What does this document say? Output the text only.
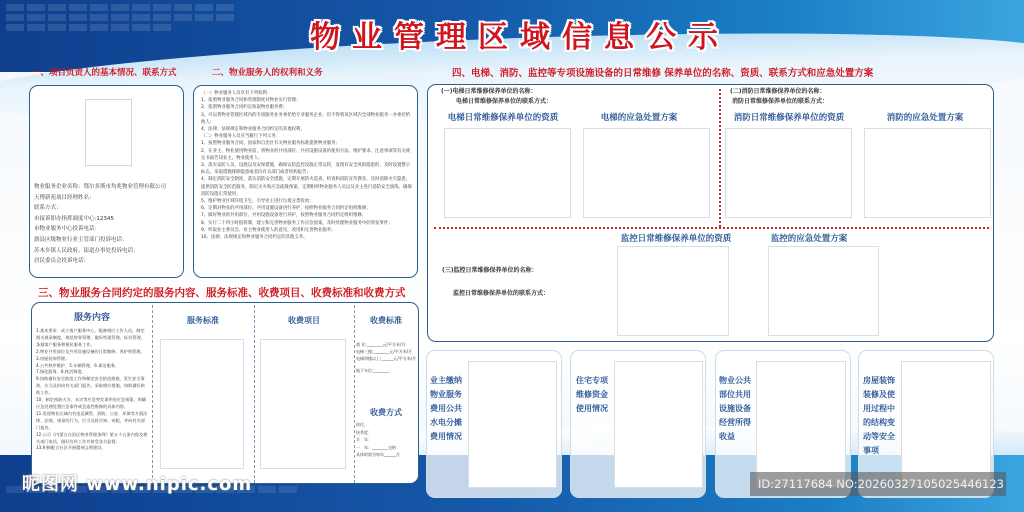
物业管理区域信息公示
一、项目负责人的基本情况、联系方式	二、物业服务人的权利和义务	四、电梯、消防、监控等专项设施设备的日常维修 保养单位的名称、资质、联系方式和应急处置方案
三、物业服务合同约定的服务内容、服务标准、收费项目、收费标准和收费方式
物业服务企业名称：鄂尔多斯市均兆物业管理有限公司
天博新苑项目经理姓名：
联系方式：
市接诉即办指挥调度中心:12345
市物业服务中心投诉电话：
旗县区级物业行业主管部门投诉电话：
苏木乡镇人民政府、街道办事处投诉电话：
居民委员会投诉电话：
（一）物业服务人员享有下列权利：
1、依照物业服务合同和管理制度对物业实行管理；
2、依照物业服务合同约定收取物业服务费；
3、可以将物业管理区域内的专项服务业务委托给专业服务企业，但不得将该区域内全部物业服务一并委托给他人；
4、法律、法规规定和物业服务合同约定的其他权利。
（二）物业服务人员应当履行下列义务：
1、按照物业服务合同、国家和自治区有关物业服务标准提供物业服务；
2、在业主、物业使用物业前，将物业的共用部位、共用设施设备的使用方法、维护要求、注意事项等有关规定书面告知业主、物业使用人；
3、落实安防人员、设施以及安保措施，确保安防监控设施正常运转，发现有安全风险隐患的，及时设置警示标志，采取措施排除隐患或者向有关部门或者机构报告；
4、制定消防安全制度，落实消防安全措施，定期开展防火巡查，检查和消防宣传教育，及时消除火灾隐患，提供消防安全防范服务，制定灭火和应急疏散预案，定期组织物业服务人员以及业主进行消防安全演练，确保消防设施正常使用；
5、维护物业区域环境卫生，引导业主进行垃圾分类投放；
6、定期对物业的共用部位、共用设施设备进行养护，按照物业服务合同约定组织维修；
7、做好物业的共用部位、共用设施设备进行养护，按照物业服务合同约定组织维修；
8、实行二十四小时值班制，建立和完善物业服务工作应急预案，及时处理物业服务中的突发事件；
9、听取业主委员会、业主物业使用人的意见，改进和完善物业服务；
10、法律、法规规定和物业服务合同约定的其他义务。
服务内容	服务标准	收费项目	收费标准
1.基本要求：成立客户服务中心，配备相应工作人员，制定相关规章制度，规范财务管理，做好档案管理，标识管理，条据客户服务和便民服务工作。
2.物业共用部位及共用设施设备的日常维修、养护和管理。
3.房屋装饰管理。
4.公共秩序维护、5.车辆管理、6.保洁服务、
7.绿化服务、8.秩活制度。
9.协助做好安全防范工作和制定安全防范措施，发生安全事故，应当及时向有关部门报告，采取相应措施，协助做好救助工作。
10、制定预防火灾、水灾等应急突发事件的应急预案，明确应急处理处置应急事件或急造性维修的具体内容。
11.发现物业区域内有违反城管、消防、公安、环保等方面法律、法规、规章的行为，应当及时告知、劝阻，并向有关部门报告。
12.公示《内蒙古自治区物业管理条例》第五十五条内容及相关部门电话，做好宣传工作并接受各方监督。
13.积极配合社区开展精神文明建设。
商 业:________元/平方米/月
电梯三楼:________元/平方米/月
电梯四楼以上:______元/平方米/月
地下车位:________
收费方式
按付，
按季度：
半　年：
一　年：________交纳
具体时间为每年______月
(一)电梯日常维修保养单位的名称：
电梯日常维修保养单位的联系方式：
电梯日常维修保养单位的资质	电梯的应急处置方案
(二)消防日常维修保养单位的名称：
消防日常维修保养单位的联系方式：
消防日常维修保养单位的资质	消防的应急处置方案
监控日常维修保养单位的资质	监控的应急处置方案
(三)监控日常维修保养单位的名称：
监控日常维修保养单位的联系方式：
业主缴纳物业服务费用公共水电分摊费用情况
住宅专项维修资金使用情况
物业公共部位共用设施设备经营所得收益
房屋装饰装修及使用过程中的结构变动等安全事项
昵图网 www.nipic.com	ID:27117684 NO:20260327105025446123
